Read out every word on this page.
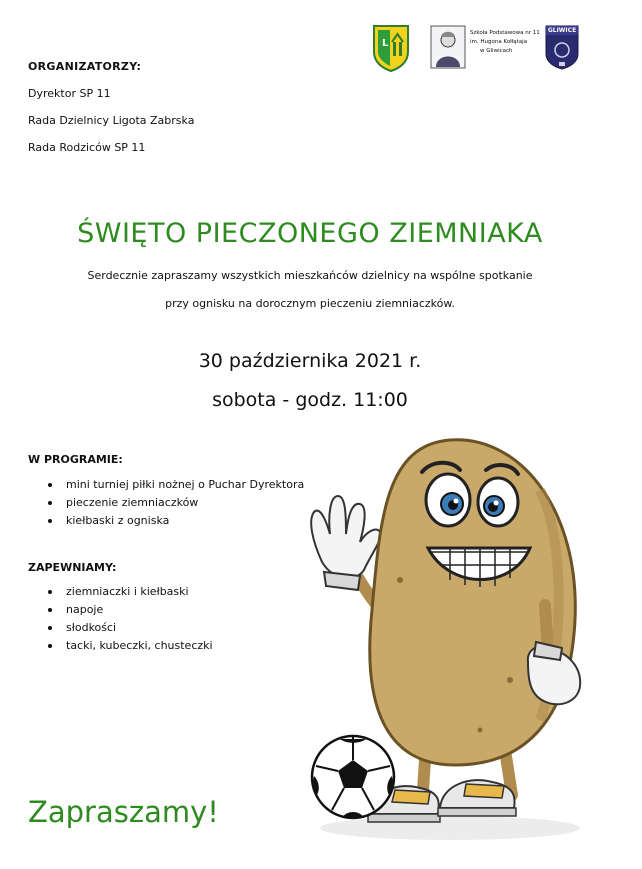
L
Szkoła Podstawowa nr 11
im. Hugona Kołłątaja
w Gliwicach
GLIWICE
ORGANIZATORZY:
Dyrektor SP 11
Rada Dzielnicy Ligota Zabrska
Rada Rodziców SP 11
ŚWIĘTO PIECZONEGO ZIEMNIAKA
Serdecznie zapraszamy wszystkich mieszkańców dzielnicy na wspólne spotkanie
przy ognisku na dorocznym pieczeniu ziemniaczków.
30 października 2021 r.
sobota - godz. 11:00
W PROGRAMIE:
mini turniej piłki nożnej o Puchar Dyrektora
pieczenie ziemniaczków
kiełbaski z ogniska
ZAPEWNIAMY:
ziemniaczki i kiełbaski
napoje
słodkości
tacki, kubeczki, chusteczki
Zapraszamy!
